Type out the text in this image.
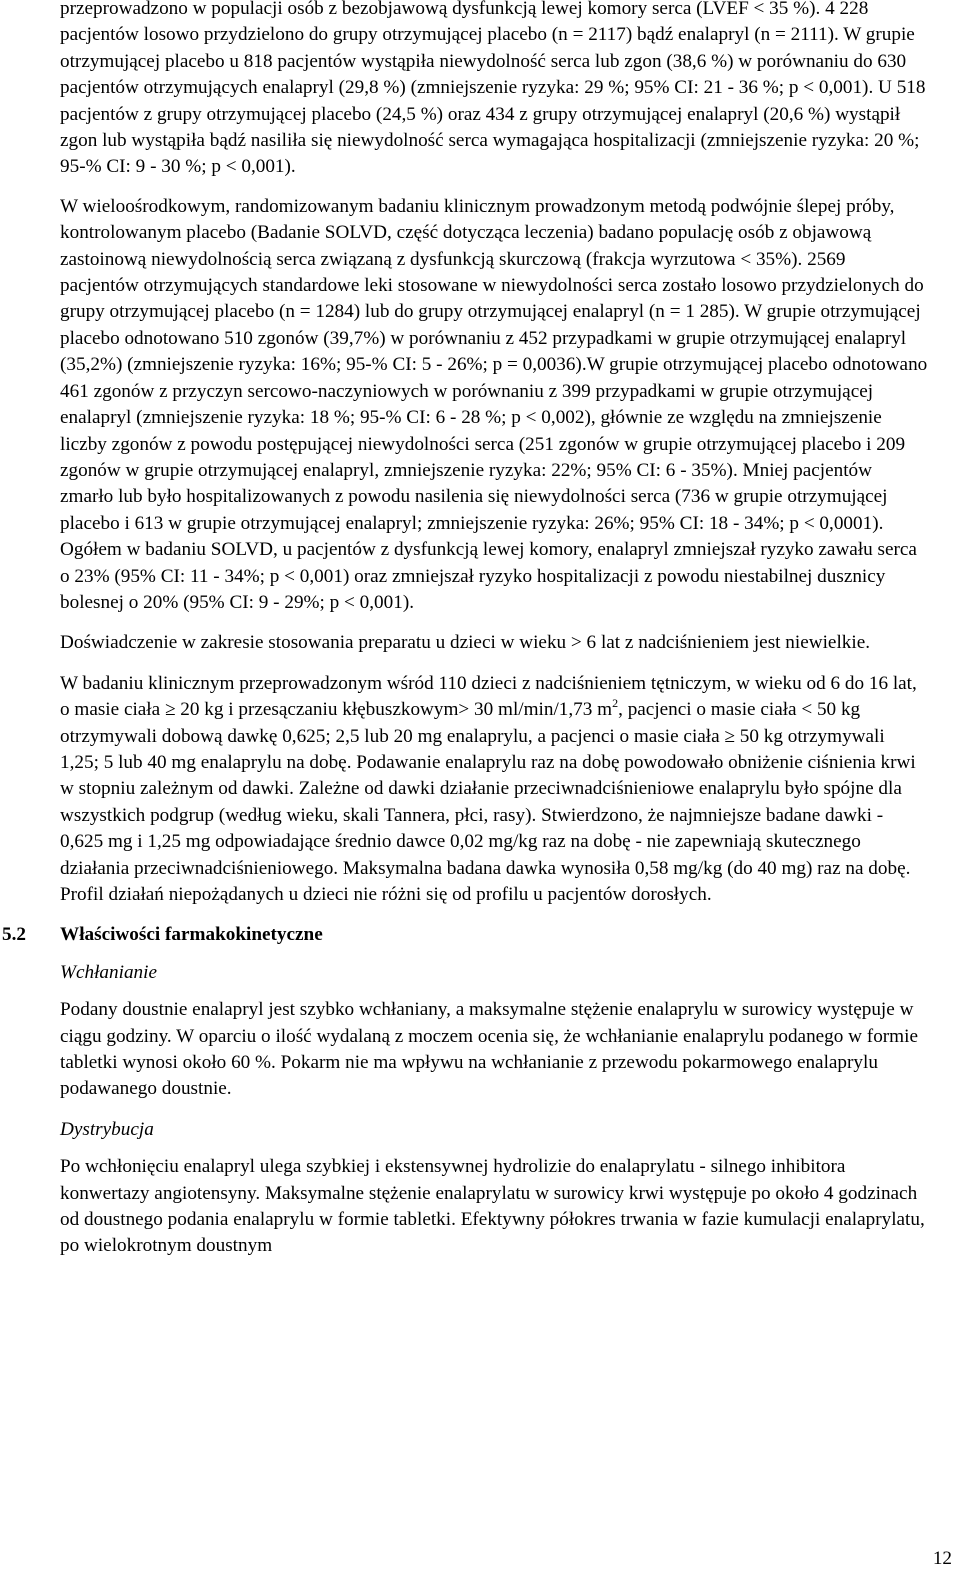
przeprowadzono w populacji osób z bezobjawową dysfunkcją lewej komory serca (LVEF < 35 %). 4 228 pacjentów losowo przydzielono do grupy otrzymującej placebo (n = 2117) bądź enalapryl (n = 2111). W grupie otrzymującej placebo u 818 pacjentów wystąpiła niewydolność serca lub zgon (38,6 %) w porównaniu do 630 pacjentów otrzymujących enalapryl (29,8 %) (zmniejszenie ryzyka: 29 %; 95% CI: 21 - 36 %; p < 0,001). U 518 pacjentów z grupy otrzymującej placebo (24,5 %) oraz 434 z grupy otrzymującej enalapryl (20,6 %) wystąpił zgon lub wystąpiła bądź nasiliła się niewydolność serca wymagająca hospitalizacji (zmniejszenie ryzyka: 20 %; 95-% CI: 9 - 30 %; p < 0,001).

W wieloośrodkowym, randomizowanym badaniu klinicznym prowadzonym metodą podwójnie ślepej próby, kontrolowanym placebo (Badanie SOLVD, część dotycząca leczenia) badano populację osób z objawową zastoinową niewydolnością serca związaną z dysfunkcją skurczową (frakcja wyrzutowa < 35%). 2569 pacjentów otrzymujących standardowe leki stosowane w niewydolności serca zostało losowo przydzielonych do grupy otrzymującej placebo (n = 1284) lub do grupy otrzymującej enalapryl (n = 1 285). W grupie otrzymującej placebo odnotowano 510 zgonów (39,7%) w porównaniu z 452 przypadkami w grupie otrzymującej enalapryl (35,2%) (zmniejszenie ryzyka: 16%; 95-% CI: 5 - 26%; p = 0,0036).W grupie otrzymującej placebo odnotowano 461 zgonów z przyczyn sercowo-naczyniowych w porównaniu z 399 przypadkami w grupie otrzymującej enalapryl (zmniejszenie ryzyka: 18 %; 95-% CI: 6 - 28 %; p < 0,002), głównie ze względu na zmniejszenie liczby zgonów z powodu postępującej niewydolności serca (251 zgonów w grupie otrzymującej placebo i 209 zgonów w grupie otrzymującej enalapryl, zmniejszenie ryzyka: 22%; 95% CI: 6 - 35%). Mniej pacjentów zmarło lub było hospitalizowanych z powodu nasilenia się niewydolności serca (736 w grupie otrzymującej placebo i 613 w grupie otrzymującej enalapryl; zmniejszenie ryzyka: 26%; 95% CI: 18 - 34%; p < 0,0001). Ogółem w badaniu SOLVD, u pacjentów z dysfunkcją lewej komory, enalapryl zmniejszał ryzyko zawału serca o 23% (95% CI: 11 - 34%; p < 0,001) oraz zmniejszał ryzyko hospitalizacji z powodu niestabilnej dusznicy bolesnej o 20% (95% CI: 9 - 29%; p < 0,001).

Doświadczenie w zakresie stosowania preparatu u dzieci w wieku > 6 lat z nadciśnieniem jest niewielkie.

W badaniu klinicznym przeprowadzonym wśród 110 dzieci z nadciśnieniem tętniczym, w wieku od 6 do 16 lat, o masie ciała ≥ 20 kg i przesączaniu kłębuszkowym> 30 ml/min/1,73 $m^2$, pacjenci o masie ciała < 50 kg otrzymywali dobową dawkę 0,625; 2,5 lub 20 mg enalaprylu, a pacjenci o masie ciała ≥ 50 kg otrzymywali 1,25; 5 lub 40 mg enalaprylu na dobę. Podawanie enalaprylu raz na dobę powodowało obniżenie ciśnienia krwi w stopniu zależnym od dawki. Zależne od dawki działanie przeciwnadciśnieniowe enalaprylu było spójne dla wszystkich podgrup (według wieku, skali Tannera, płci, rasy). Stwierdzono, że najmniejsze badane dawki - 0,625 mg i 1,25 mg odpowiadające średnio dawce 0,02 mg/kg raz na dobę - nie zapewniają skutecznego działania przeciwnadciśnieniowego. Maksymalna badana dawka wynosiła 0,58 mg/kg (do 40 mg) raz na dobę. Profil działań niepożądanych u dzieci nie różni się od profilu u pacjentów dorosłych.

5.2 Właściwości farmakokinetyczne
Wchłanianie

Podany doustnie enalapryl jest szybko wchłaniany, a maksymalne stężenie enalaprylu w surowicy występuje w ciągu godziny. W oparciu o ilość wydalaną z moczem ocenia się, że wchłanianie enalaprylu podanego w formie tabletki wynosi około 60 %. Pokarm nie ma wpływu na wchłanianie z przewodu pokarmowego enalaprylu podawanego doustnie.

Dystrybucja

Po wchłonięciu enalapryl ulega szybkiej i ekstensywnej hydrolizie do enalaprylatu - silnego inhibitora konwertazy angiotensyny. Maksymalne stężenie enalaprylatu w surowicy krwi występuje po około 4 godzinach od doustnego podania enalaprylu w formie tabletki. Efektywny półokres trwania w fazie kumulacji enalaprylatu, po wielokrotnym doustnym

12
